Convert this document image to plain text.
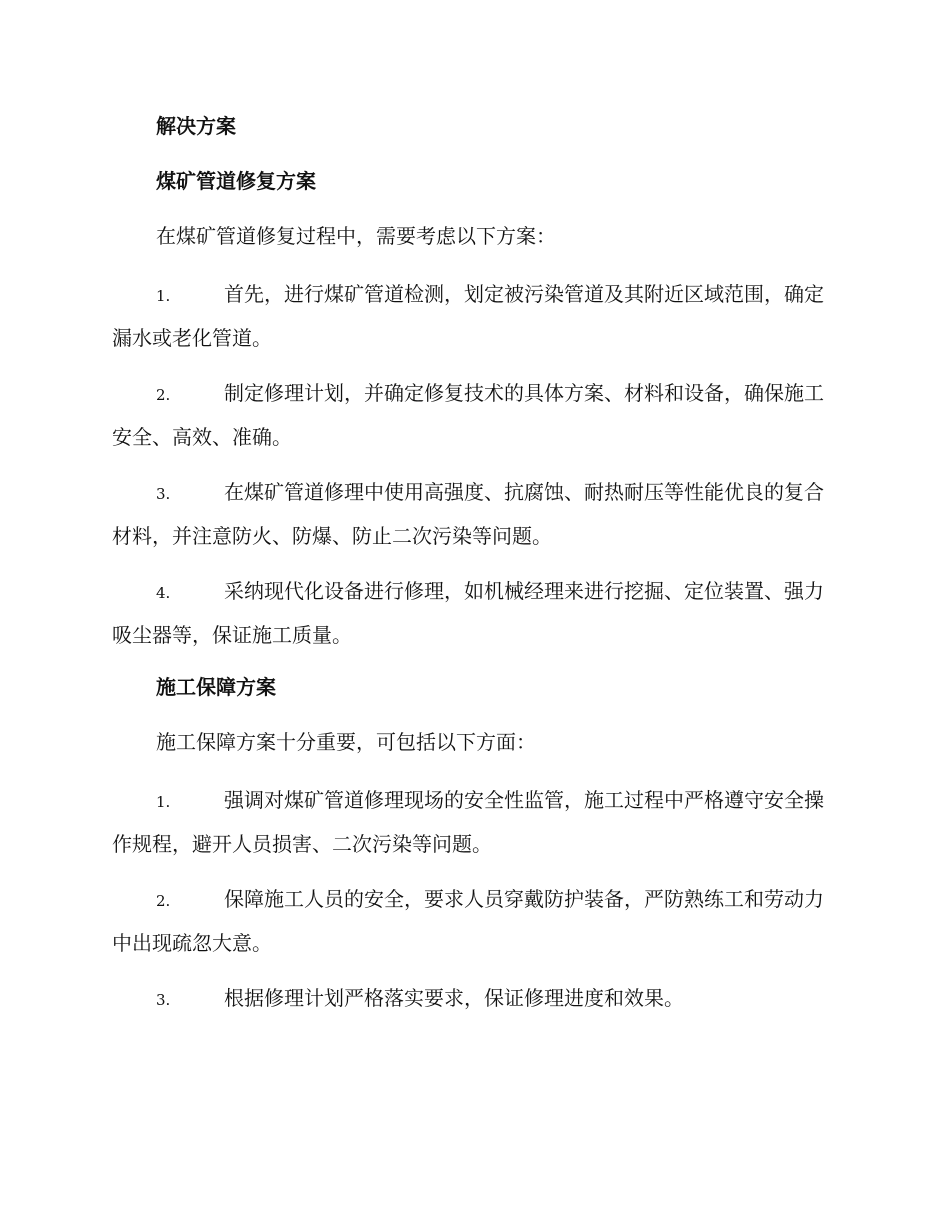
解决方案
煤矿管道修复方案
在煤矿管道修复过程中，需要考虑以下方案：
1.	首先，进行煤矿管道检测，划定被污染管道及其附近区域范围，确定漏水或老化管道。
2.	制定修理计划，并确定修复技术的具体方案、材料和设备，确保施工安全、高效、准确。
3.	在煤矿管道修理中使用高强度、抗腐蚀、耐热耐压等性能优良的复合材料，并注意防火、防爆、防止二次污染等问题。
4.	采纳现代化设备进行修理，如机械经理来进行挖掘、定位装置、强力吸尘器等，保证施工质量。
施工保障方案
施工保障方案十分重要，可包括以下方面：
1.	强调对煤矿管道修理现场的安全性监管，施工过程中严格遵守安全操作规程，避开人员损害、二次污染等问题。
2.	保障施工人员的安全，要求人员穿戴防护装备，严防熟练工和劳动力中出现疏忽大意。
3.	根据修理计划严格落实要求，保证修理进度和效果。
